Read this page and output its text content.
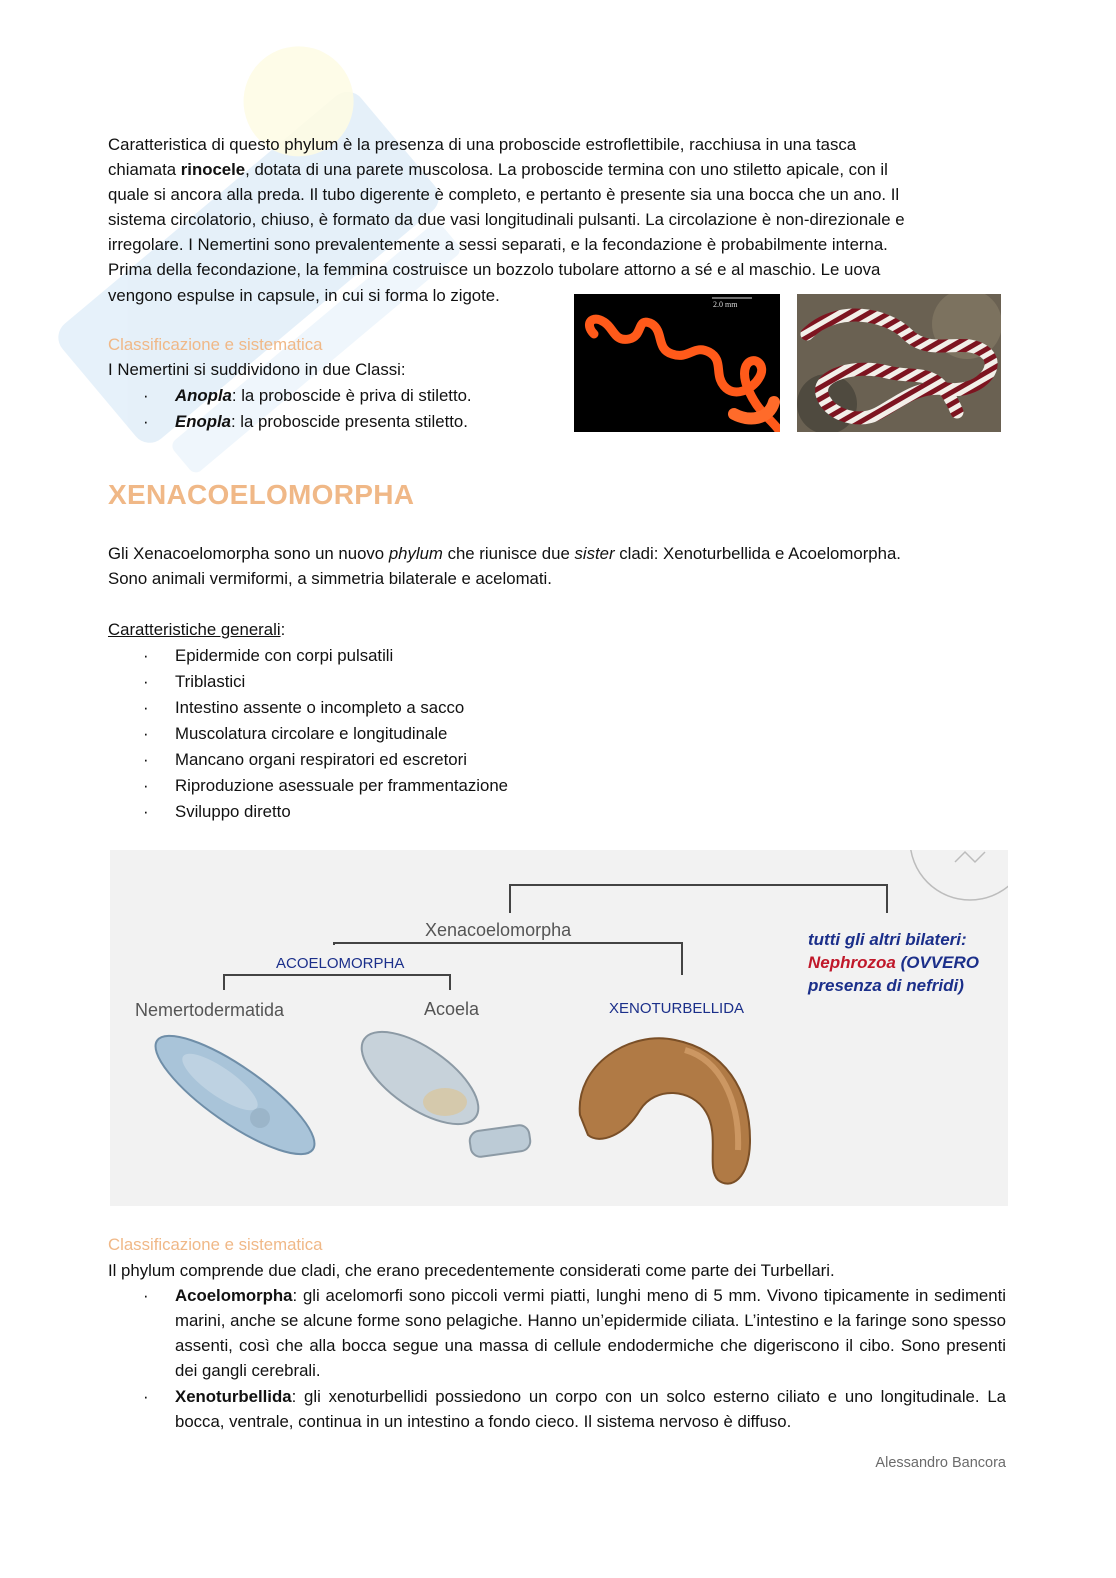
Caratteristica di questo phylum è la presenza di una proboscide estroflettibile, racchiusa in una tasca
chiamata rinocele, dotata di una parete muscolosa. La proboscide termina con uno stiletto apicale, con il
quale si ancora alla preda. Il tubo digerente è completo, e pertanto è presente sia una bocca che un ano. Il
sistema circolatorio, chiuso, è formato da due vasi longitudinali pulsanti. La circolazione è non-direzionale e
irregolare. I Nemertini sono prevalentemente a sessi separati, e la fecondazione è probabilmente interna.
Prima della fecondazione, la femmina costruisce un bozzolo tubolare attorno a sé e al maschio. Le uova
vengono espulse in capsule, in cui si forma lo zigote.
Classificazione e sistematica
I Nemertini si suddividono in due Classi:
· Anopla: la proboscide è priva di stiletto.
· Enopla: la proboscide presenta stiletto.
2.0 mm
XENACOELOMORPHA
Gli Xenacoelomorpha sono un nuovo phylum che riunisce due sister cladi: Xenoturbellida e Acoelomorpha.
Sono animali vermiformi, a simmetria bilaterale e acelomati.
Caratteristiche generali:
· Epidermide con corpi pulsatili
· Triblastici
· Intestino assente o incompleto a sacco
· Muscolatura circolare e longitudinale
· Mancano organi respiratori ed escretori
· Riproduzione asessuale per frammentazione
· Sviluppo diretto
Xenacoelomorpha
ACOELOMORPHA
Nemertodermatida	Acoela	XENOTURBELLIDA
tutti gli altri bilateri:
Nephrozoa (OVVERO
presenza di nefridi)
Classificazione e sistematica
Il phylum comprende due cladi, che erano precedentemente considerati come parte dei Turbellari.
· Acoelomorpha: gli acelomorfi sono piccoli vermi piatti, lunghi meno di 5 mm. Vivono tipicamente in sedimenti marini, anche se alcune forme sono pelagiche. Hanno un’epidermide ciliata. L’intestino e la faringe sono spesso assenti, così che alla bocca segue una massa di cellule endodermiche che digeriscono il cibo. Sono presenti dei gangli cerebrali.
· Xenoturbellida: gli xenoturbellidi possiedono un corpo con un solco esterno ciliato e uno longitudinale. La bocca, ventrale, continua in un intestino a fondo cieco. Il sistema nervoso è diffuso.
Alessandro Bancora
